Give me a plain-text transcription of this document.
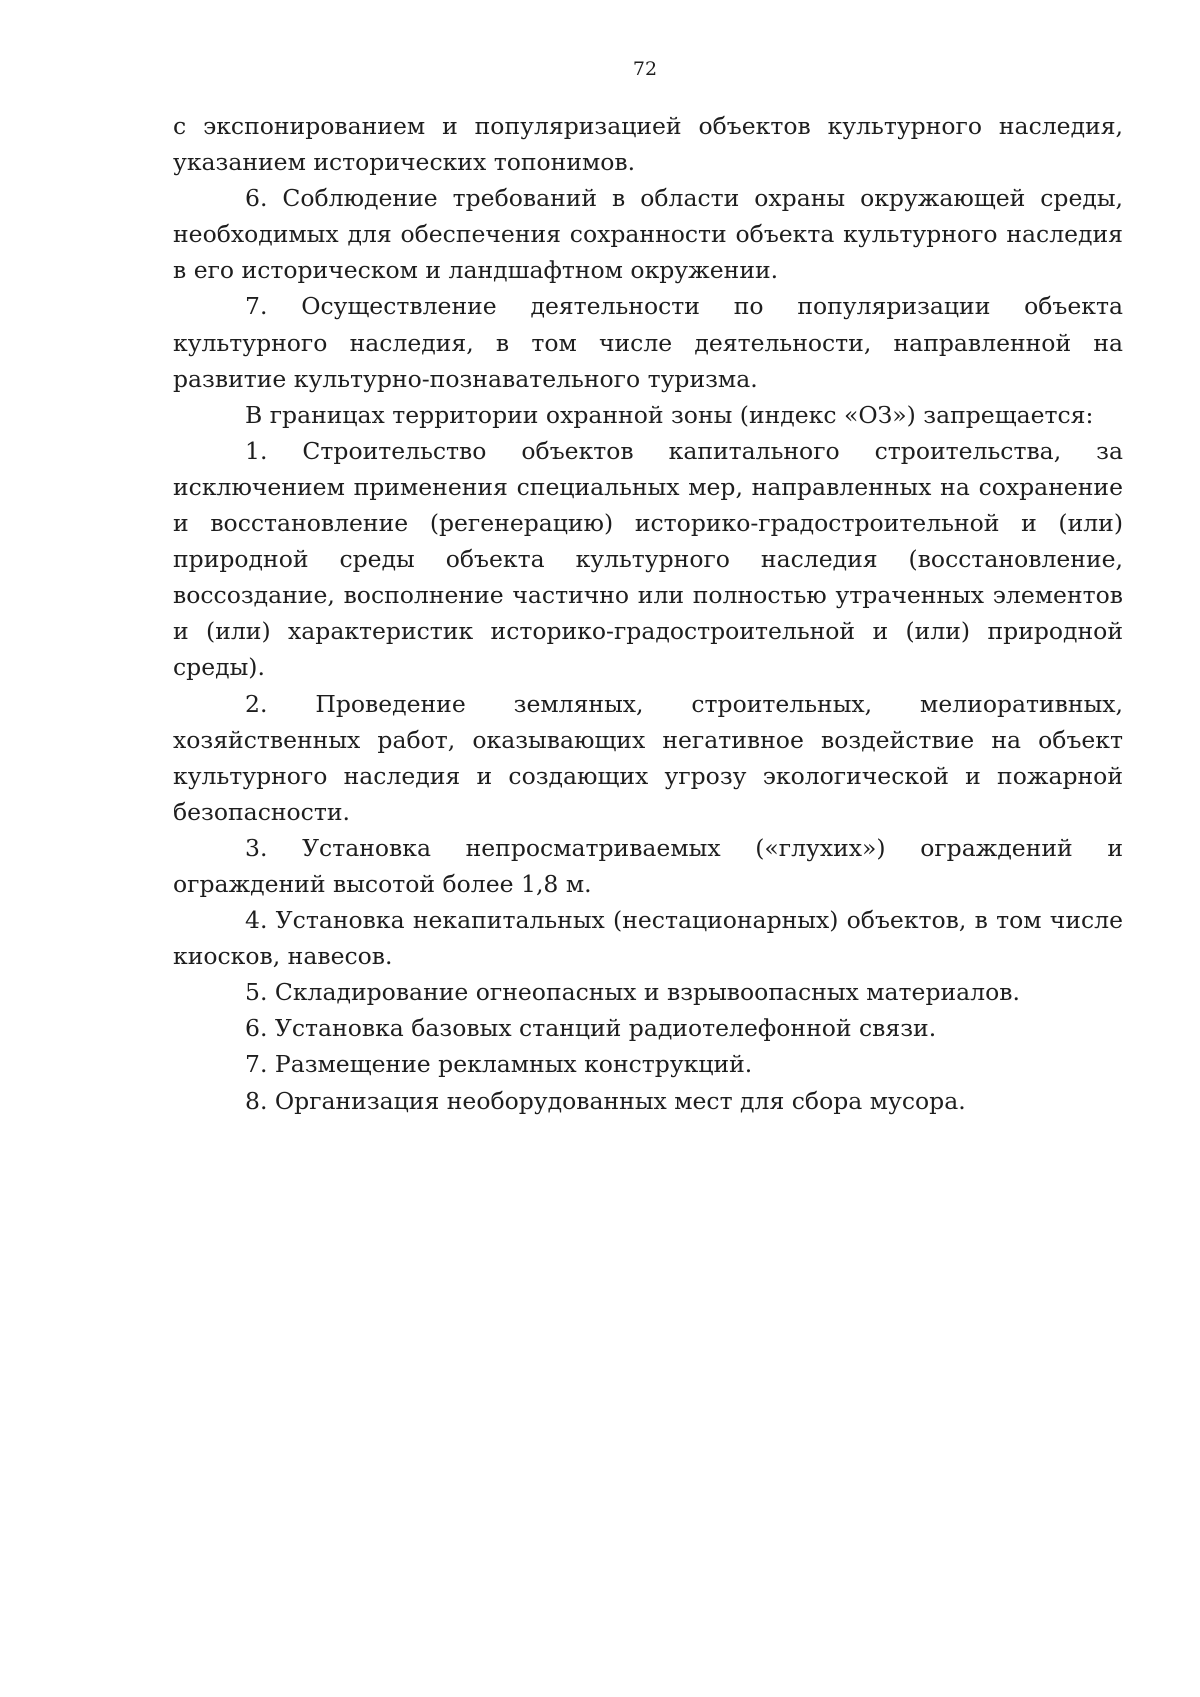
72

с экспонированием и популяризацией объектов культурного наследия, указанием исторических топонимов.

6. Соблюдение требований в области охраны окружающей среды, необходимых для обеспечения сохранности объекта культурного наследия в его историческом и ландшафтном окружении.

7. Осуществление деятельности по популяризации объекта культурного наследия, в том числе деятельности, направленной на развитие культурно-познавательного туризма.

В границах территории охранной зоны (индекс «ОЗ») запрещается:

1. Строительство объектов капитального строительства, за исключением применения специальных мер, направленных на сохранение и восстановление (регенерацию) историко-градостроительной и (или) природной среды объекта культурного наследия (восстановление, воссоздание, восполнение частично или полностью утраченных элементов и (или) характеристик историко-градостроительной и (или) природной среды).

2. Проведение земляных, строительных, мелиоративных, хозяйственных работ, оказывающих негативное воздействие на объект культурного наследия и создающих угрозу экологической и пожарной безопасности.

3. Установка непросматриваемых («глухих») ограждений и ограждений высотой более 1,8 м.

4. Установка некапитальных (нестационарных) объектов, в том числе киосков, навесов.

5. Складирование огнеопасных и взрывоопасных материалов.

6. Установка базовых станций радиотелефонной связи.

7. Размещение рекламных конструкций.

8. Организация необорудованных мест для сбора мусора.
